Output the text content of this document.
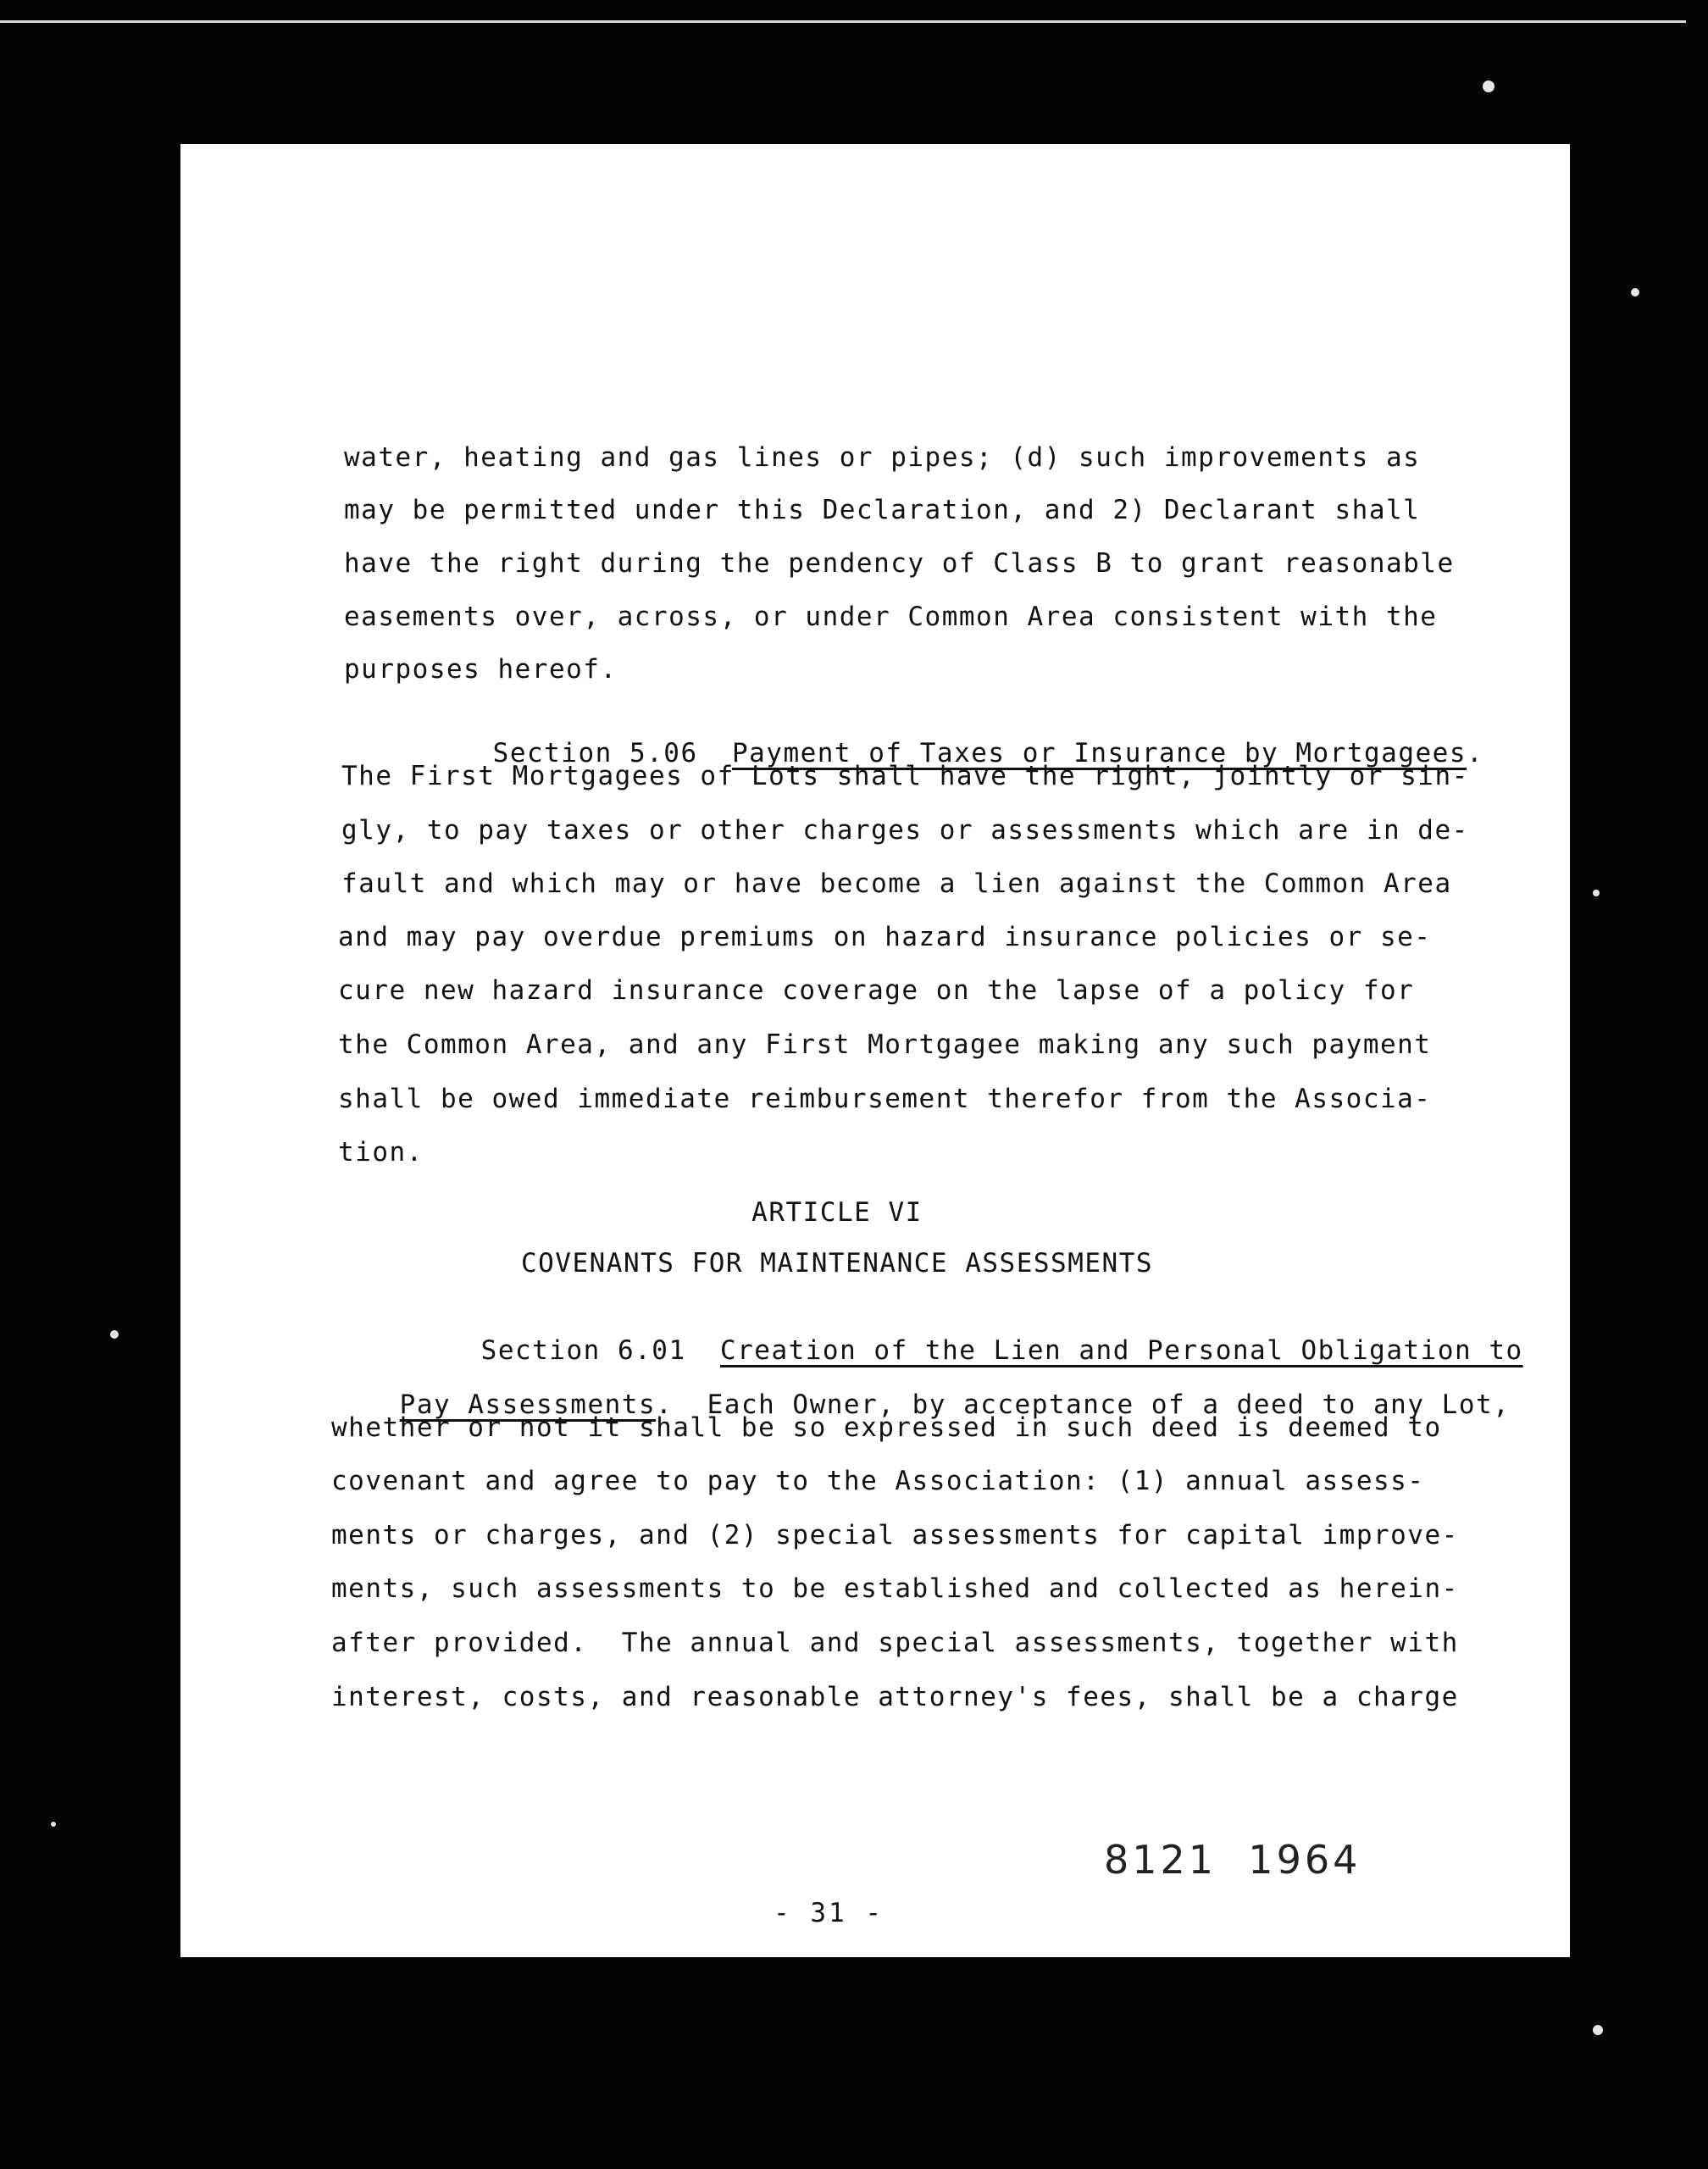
water, heating and gas lines or pipes; (d) such improvements as
may be permitted under this Declaration, and 2) Declarant shall
have the right during the pendency of Class B to grant reasonable
easements over, across, or under Common Area consistent with the
purposes hereof.

Section 5.06 Payment of Taxes or Insurance by Mortgagees.

The First Mortgagees of Lots shall have the right, jointly or sin-
gly, to pay taxes or other charges or assessments which are in de-
fault and which may or have become a lien against the Common Area
and may pay overdue premiums on hazard insurance policies or se-
cure new hazard insurance coverage on the lapse of a policy for
the Common Area, and any First Mortgagee making any such payment
shall be owed immediate reimbursement therefor from the Associa-
tion.
ARTICLE VI
COVENANTS FOR MAINTENANCE ASSESSMENTS

Section 6.01 Creation of the Lien and Personal Obligation to

Pay Assessments.  Each Owner, by acceptance of a deed to any Lot,

whether or not it shall be so expressed in such deed is deemed to
covenant and agree to pay to the Association: (1) annual assess-
ments or charges, and (2) special assessments for capital improve-
ments, such assessments to be established and collected as herein-
after provided.  The annual and special assessments, together with
interest, costs, and reasonable attorney's fees, shall be a charge
8121  1964
- 31 -
